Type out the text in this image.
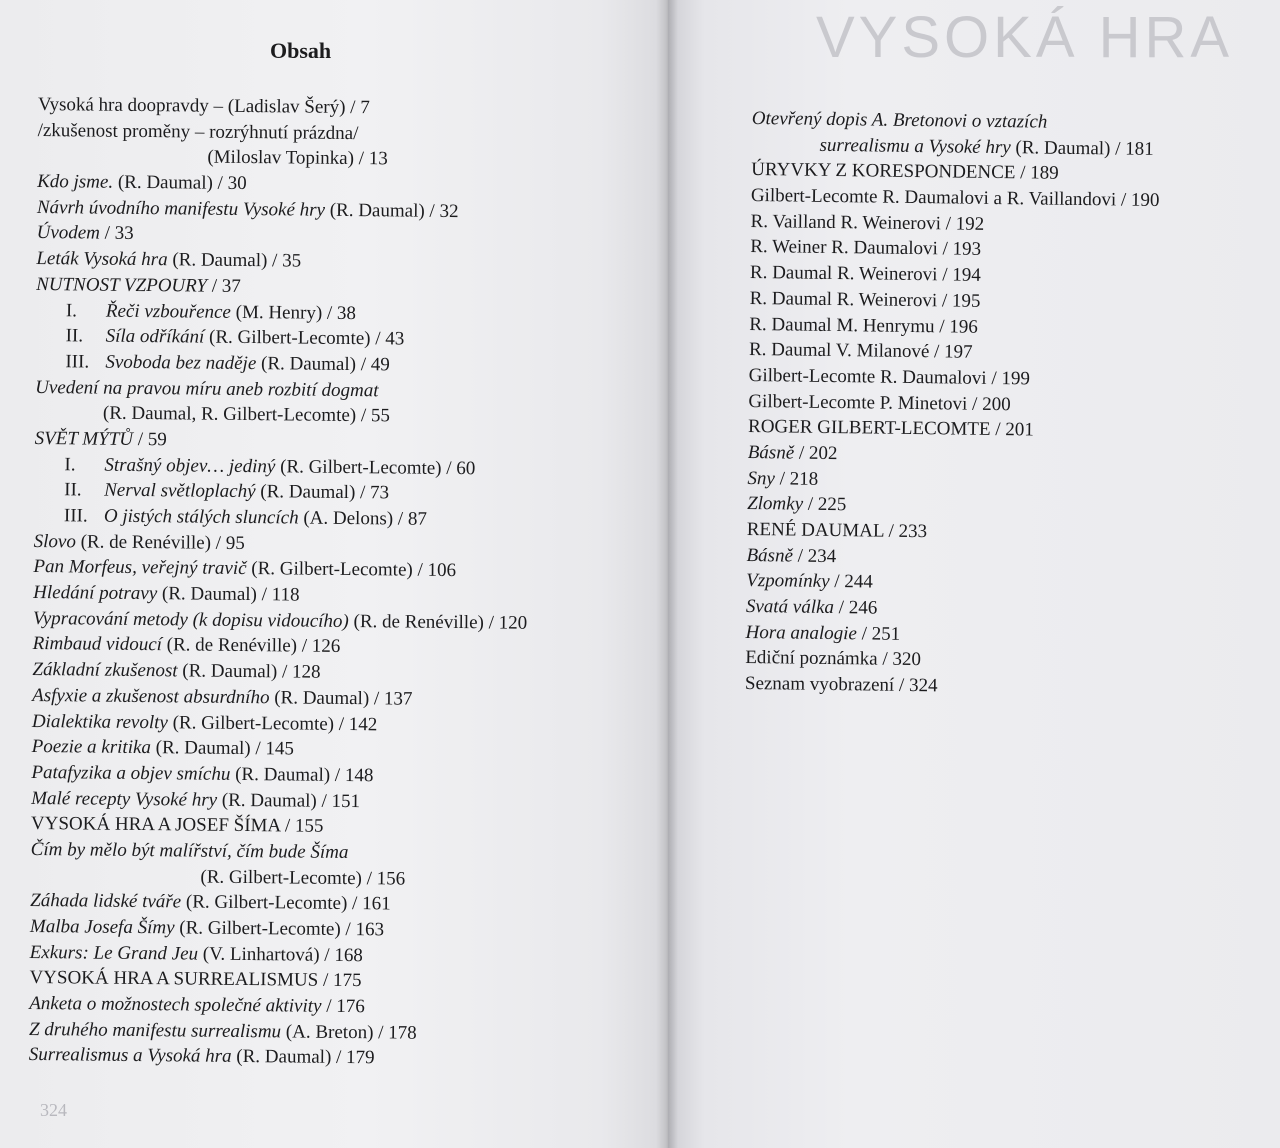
VYSOKÁ HRA
324
Obsah
Vysoká hra doopravdy – (Ladislav Šerý) / 7
/zkušenost proměny – rozrýhnutí prázdna/
(Miloslav Topinka) / 13
Kdo jsme. (R. Daumal) / 30
Návrh úvodního manifestu Vysoké hry (R. Daumal) / 32
Úvodem / 33
Leták Vysoká hra (R. Daumal) / 35
NUTNOST VZPOURY / 37
I. Řeči vzbouřence (M. Henry) / 38
II. Síla odříkání (R. Gilbert-Lecomte) / 43
III. Svoboda bez naděje (R. Daumal) / 49
Uvedení na pravou míru aneb rozbití dogmat
(R. Daumal, R. Gilbert-Lecomte) / 55
SVĚT MÝTŮ / 59
I. Strašný objev… jediný (R. Gilbert-Lecomte) / 60
II. Nerval světloplachý (R. Daumal) / 73
III. O jistých stálých sluncích (A. Delons) / 87
Slovo (R. de Renéville) / 95
Pan Morfeus, veřejný travič (R. Gilbert-Lecomte) / 106
Hledání potravy (R. Daumal) / 118
Vypracování metody (k dopisu vidoucího) (R. de Renéville) / 120
Rimbaud vidoucí (R. de Renéville) / 126
Základní zkušenost (R. Daumal) / 128
Asfyxie a zkušenost absurdního (R. Daumal) / 137
Dialektika revolty (R. Gilbert-Lecomte) / 142
Poezie a kritika (R. Daumal) / 145
Patafyzika a objev smíchu (R. Daumal) / 148
Malé recepty Vysoké hry (R. Daumal) / 151
VYSOKÁ HRA A JOSEF ŠÍMA / 155
Čím by mělo být malířství, čím bude Šíma
(R. Gilbert-Lecomte) / 156
Záhada lidské tváře (R. Gilbert-Lecomte) / 161
Malba Josefa Šímy (R. Gilbert-Lecomte) / 163
Exkurs: Le Grand Jeu (V. Linhartová) / 168
VYSOKÁ HRA A SURREALISMUS / 175
Anketa o možnostech společné aktivity / 176
Z druhého manifestu surrealismu (A. Breton) / 178
Surrealismus a Vysoká hra (R. Daumal) / 179
Otevřený dopis A. Bretonovi o vztazích
surrealismu a Vysoké hry (R. Daumal) / 181
ÚRYVKY Z KORESPONDENCE / 189
Gilbert-Lecomte R. Daumalovi a R. Vaillandovi / 190
R. Vailland R. Weinerovi / 192
R. Weiner R. Daumalovi / 193
R. Daumal R. Weinerovi / 194
R. Daumal R. Weinerovi / 195
R. Daumal M. Henrymu / 196
R. Daumal V. Milanové / 197
Gilbert-Lecomte R. Daumalovi / 199
Gilbert-Lecomte P. Minetovi / 200
ROGER GILBERT-LECOMTE / 201
Básně / 202
Sny / 218
Zlomky / 225
RENÉ DAUMAL / 233
Básně / 234
Vzpomínky / 244
Svatá válka / 246
Hora analogie / 251
Ediční poznámka / 320
Seznam vyobrazení / 324
